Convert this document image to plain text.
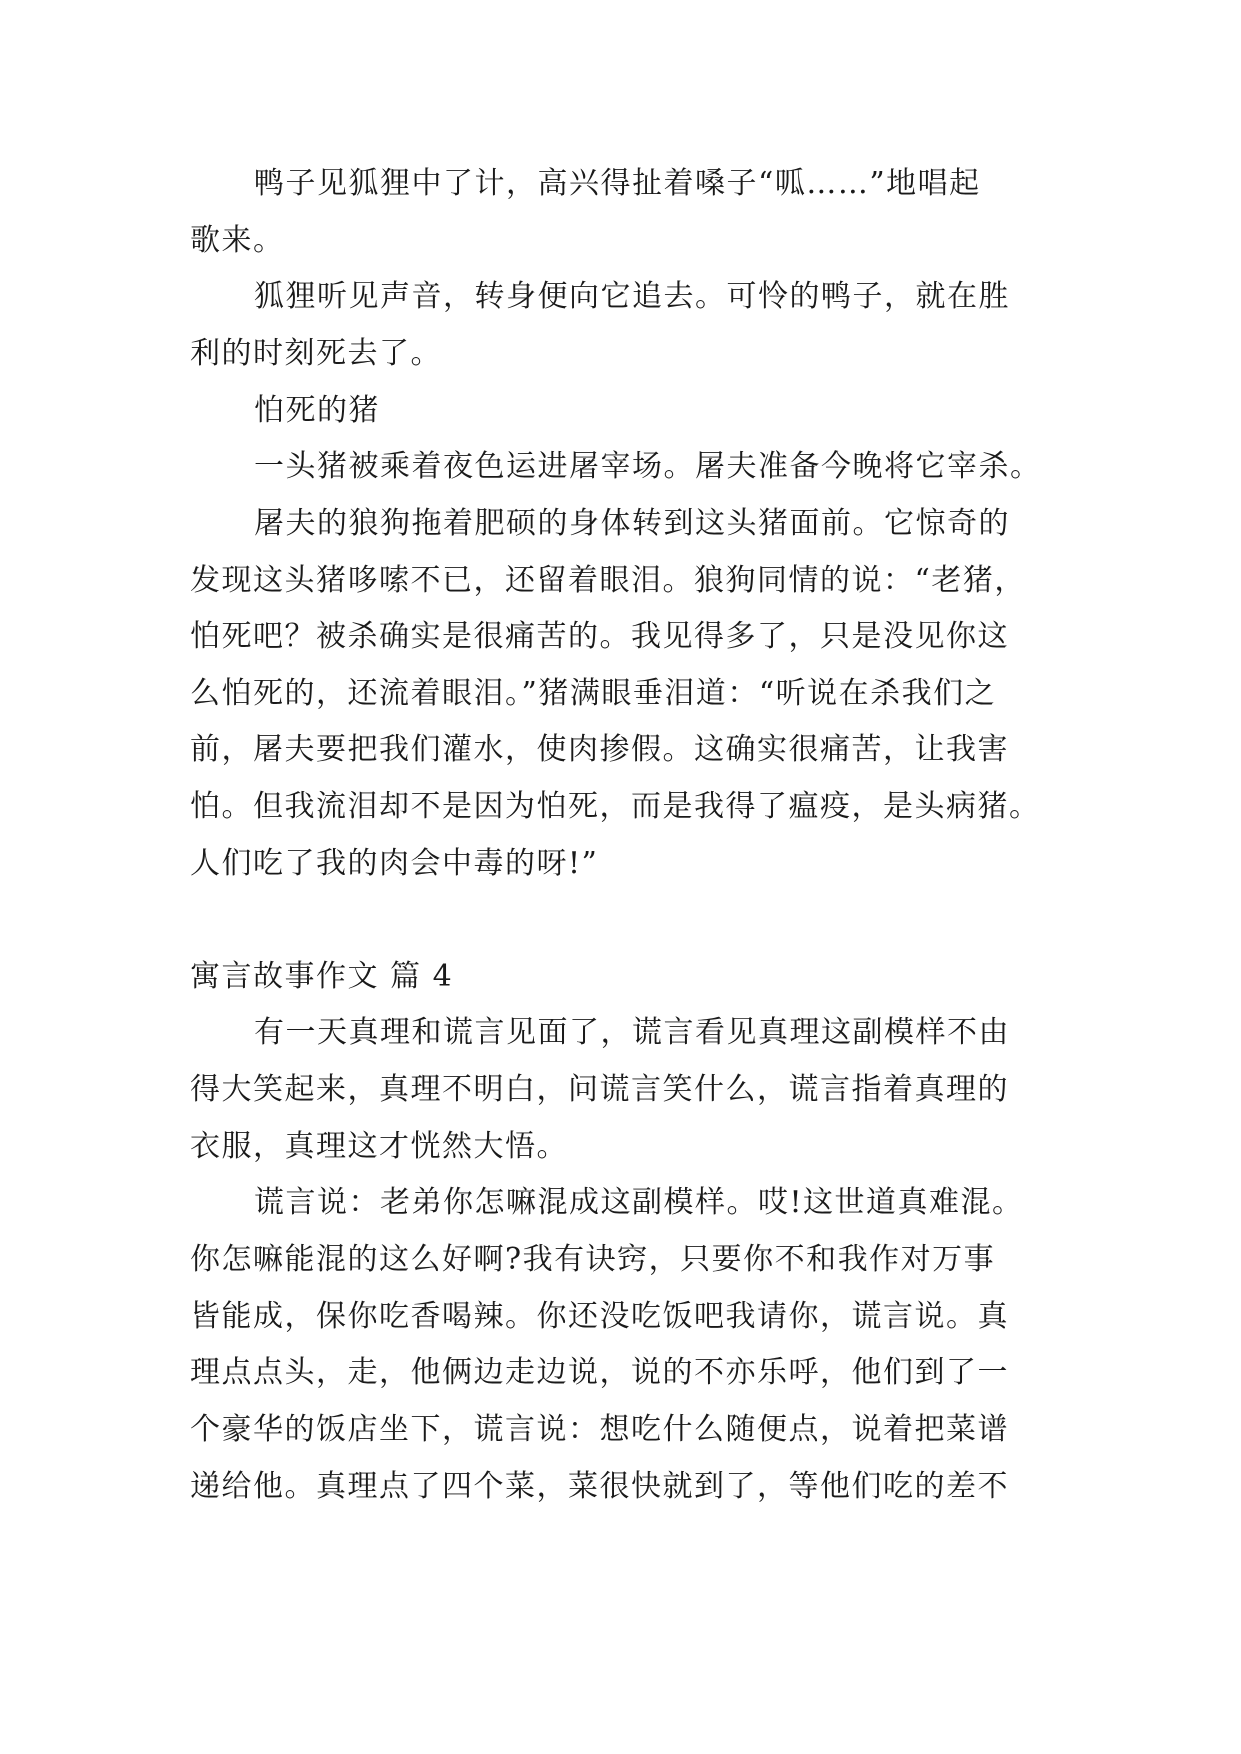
鸭子见狐狸中了计，高兴得扯着嗓子“呱……”地唱起
歌来。
狐狸听见声音，转身便向它追去。可怜的鸭子，就在胜
利的时刻死去了。
怕死的猪
一头猪被乘着夜色运进屠宰场。屠夫准备今晚将它宰杀。
屠夫的狼狗拖着肥硕的身体转到这头猪面前。它惊奇的
发现这头猪哆嗦不已，还留着眼泪。狼狗同情的说：“老猪，
怕死吧？被杀确实是很痛苦的。我见得多了，只是没见你这
么怕死的，还流着眼泪。”猪满眼垂泪道：“听说在杀我们之
前，屠夫要把我们灌水，使肉掺假。这确实很痛苦，让我害
怕。但我流泪却不是因为怕死，而是我得了瘟疫，是头病猪。
人们吃了我的肉会中毒的呀!”
寓言故事作文 篇 4
有一天真理和谎言见面了，谎言看见真理这副模样不由
得大笑起来，真理不明白，问谎言笑什么，谎言指着真理的
衣服，真理这才恍然大悟。
谎言说：老弟你怎嘛混成这副模样。哎!这世道真难混。
你怎嘛能混的这么好啊?我有诀窍，只要你不和我作对万事
皆能成，保你吃香喝辣。你还没吃饭吧我请你，谎言说。真
理点点头，走，他俩边走边说，说的不亦乐呼，他们到了一
个豪华的饭店坐下，谎言说：想吃什么随便点，说着把菜谱
递给他。真理点了四个菜，菜很快就到了，等他们吃的差不
